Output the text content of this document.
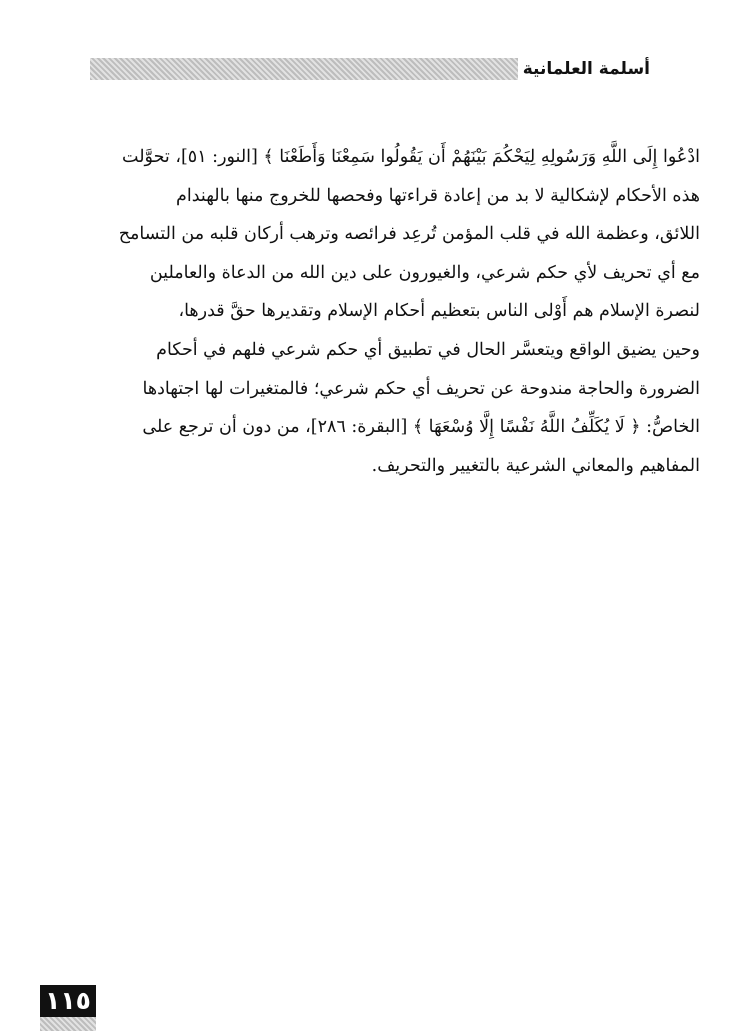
أسلمة العلمانية
ادْعُوا إِلَى اللَّهِ وَرَسُولِهِ لِيَحْكُمَ بَيْنَهُمْ أَن يَقُولُوا سَمِعْنَا وَأَطَعْنَا ﴾ [النور: ٥١]، تحوَّلت
هذه الأحكام لإشكالية لا بد من إعادة قراءتها وفحصها للخروج منها بالهندام
اللائق، وعظمة الله في قلب المؤمن تُرعِد فرائصه وترهب أركان قلبه من التسامح
مع أي تحريف لأي حكم شرعي، والغيورون على دين الله من الدعاة والعاملين
لنصرة الإسلام هم أَوْلى الناس بتعظيم أحكام الإسلام وتقديرها حقَّ قدرها،
وحين يضيق الواقع ويتعسَّر الحال في تطبيق أي حكم شرعي فلهم في أحكام
الضرورة والحاجة مندوحة عن تحريف أي حكم شرعي؛ فالمتغيرات لها اجتهادها
الخاصُّ: ﴿ لَا يُكَلِّفُ اللَّهُ نَفْسًا إِلَّا وُسْعَهَا ﴾ [البقرة: ٢٨٦]، من دون أن ترجع على
المفاهيم والمعاني الشرعية بالتغيير والتحريف.
١١٥
